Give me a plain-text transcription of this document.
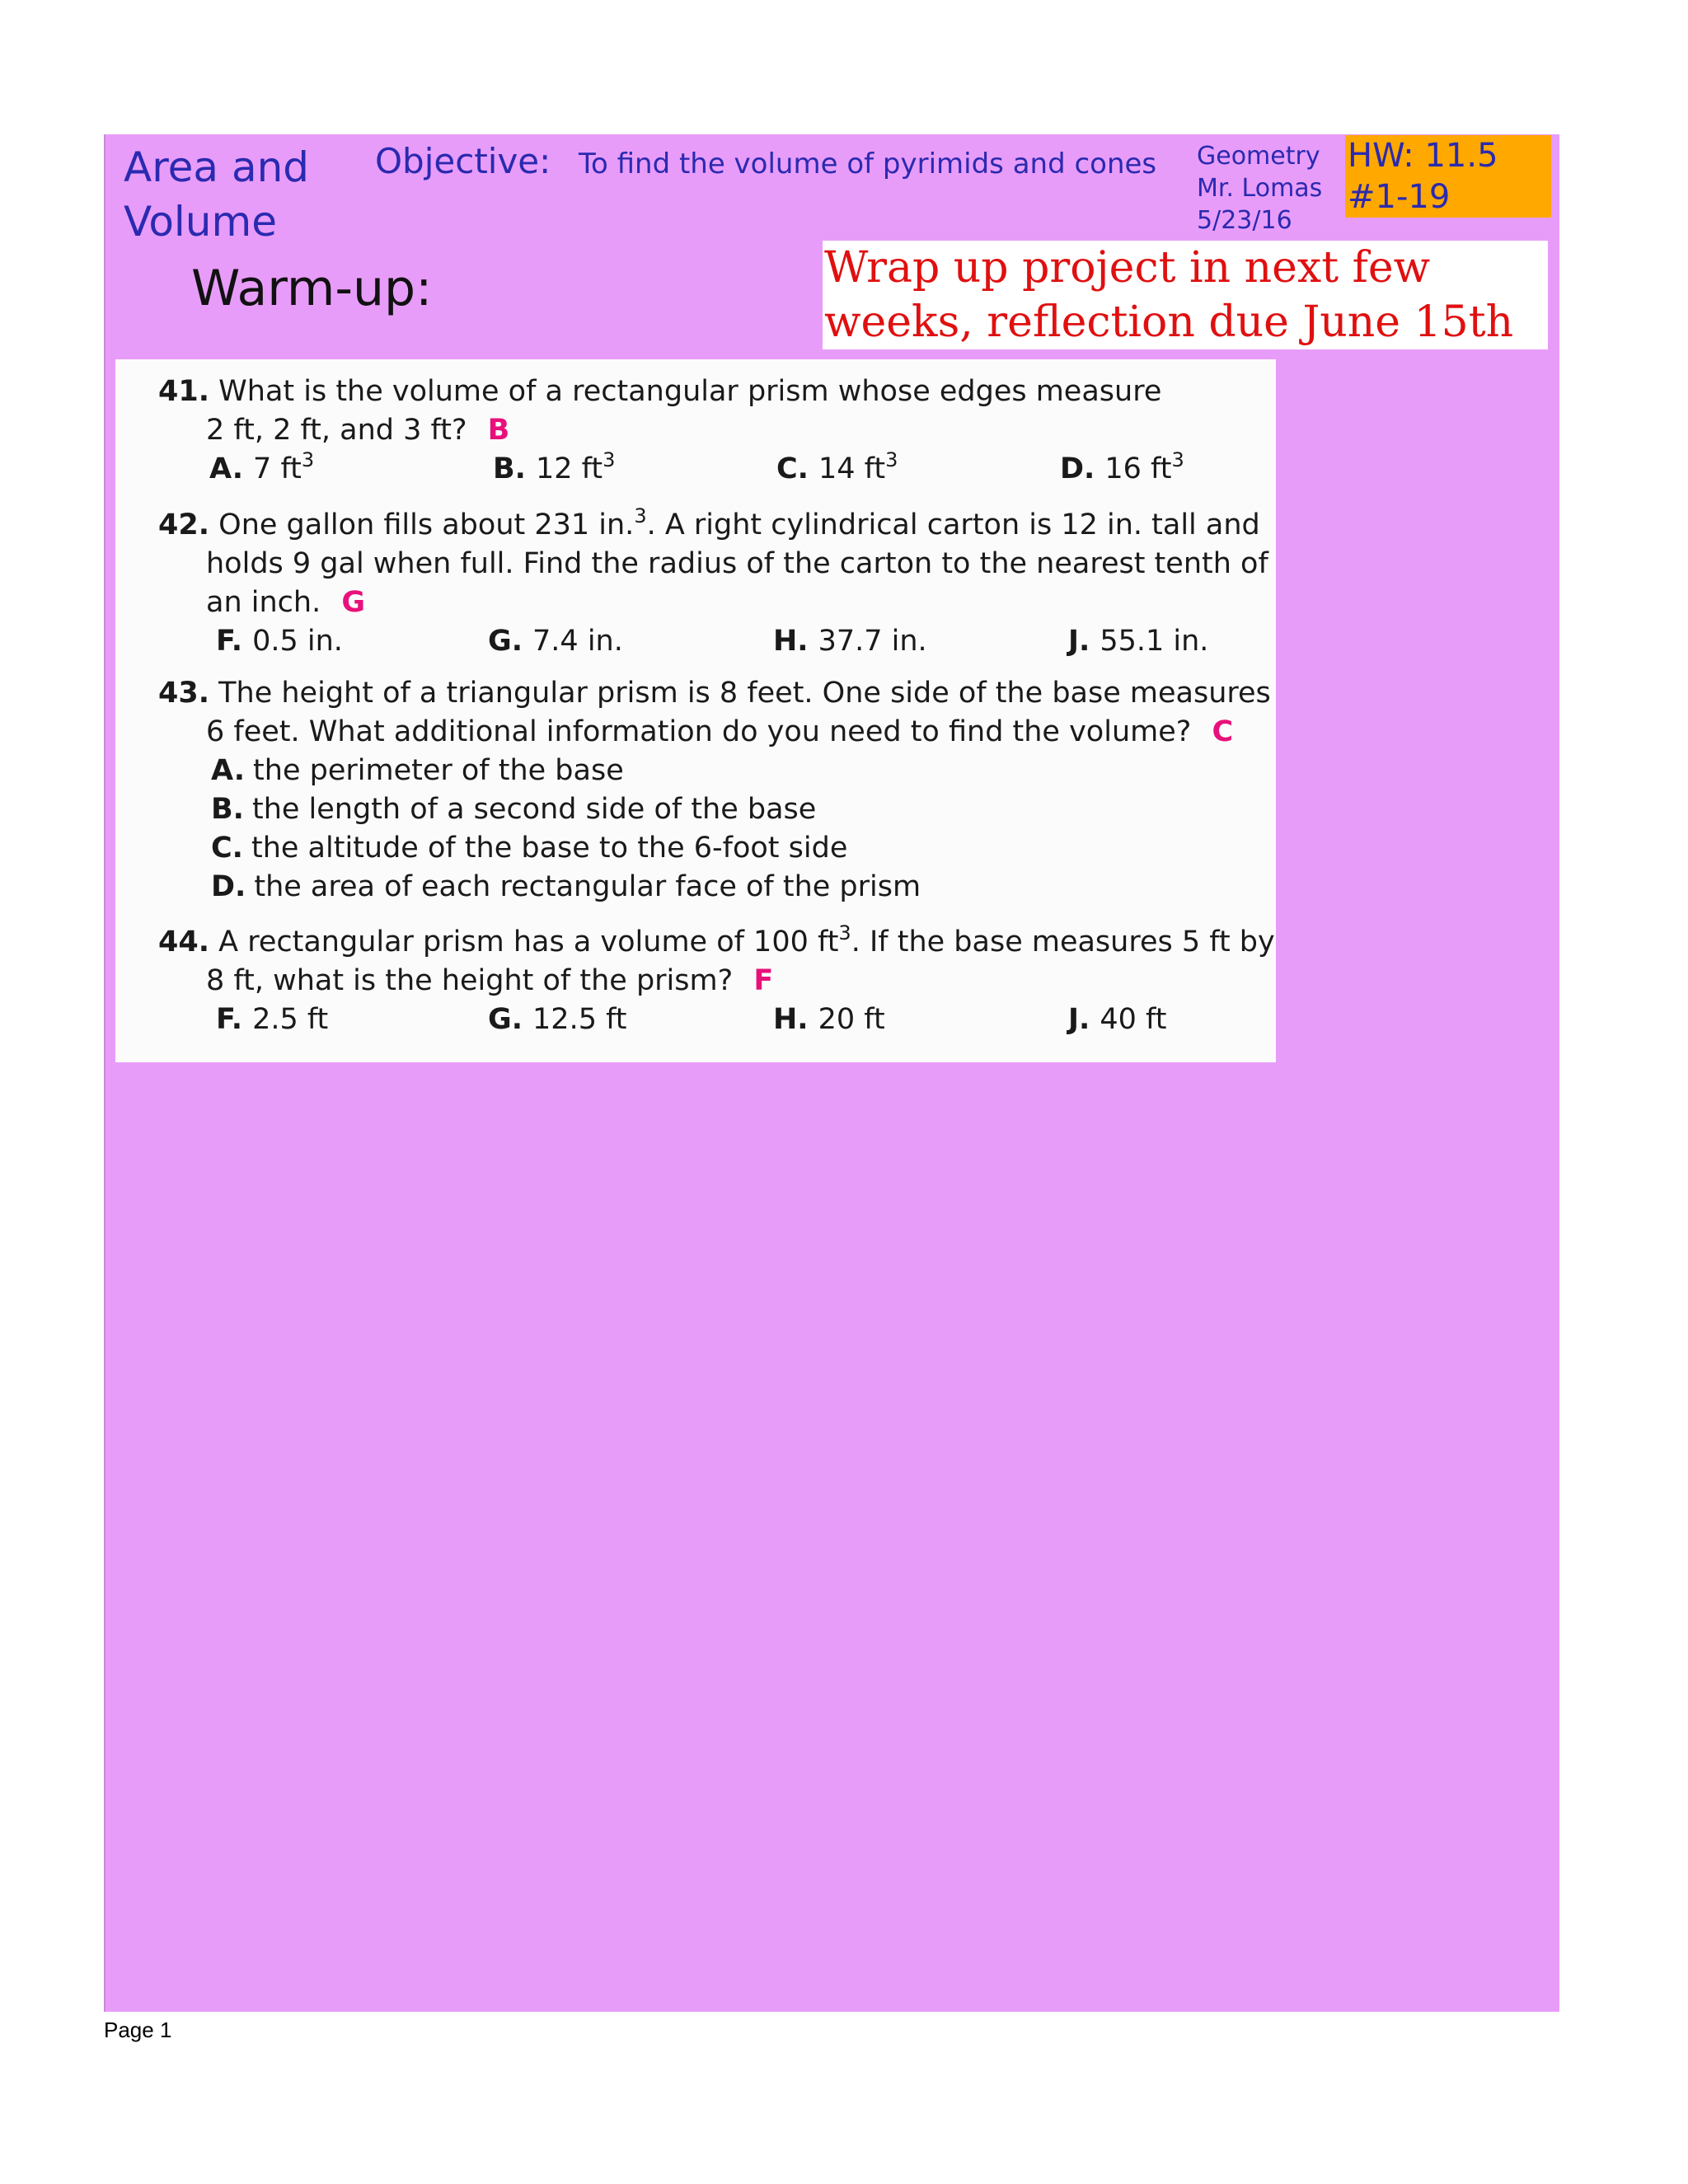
Area and
Volume
Objective: To find the volume of pyrimids and cones Geometry
Mr. Lomas
5/23/16
HW: 11.5
#1-19
Warm-up:	Wrap up project in next few
weeks, reflection due June 15th
41. What is the volume of a rectangular prism whose edges measure
2 ft, 2 ft, and 3 ft? B
A. 7 $ft^3$	B. 12 $ft^3$	C. 14 $ft^3$	D. 16 $ft^3$
42. One gallon fills about 231 in.$^3$. A right cylindrical carton is 12 in. tall and
holds 9 gal when full. Find the radius of the carton to the nearest tenth of
an inch. G
F. 0.5 in.	G. 7.4 in.	H. 37.7 in.	J. 55.1 in.
43. The height of a triangular prism is 8 feet. One side of the base measures
6 feet. What additional information do you need to find the volume? C
A. the perimeter of the base
B. the length of a second side of the base
C. the altitude of the base to the 6-foot side
D. the area of each rectangular face of the prism
44. A rectangular prism has a volume of 100 $ft^3$. If the base measures 5 ft by
8 ft, what is the height of the prism? F
F. 2.5 ft	G. 12.5 ft	H. 20 ft	J. 40 ft
Page 1
